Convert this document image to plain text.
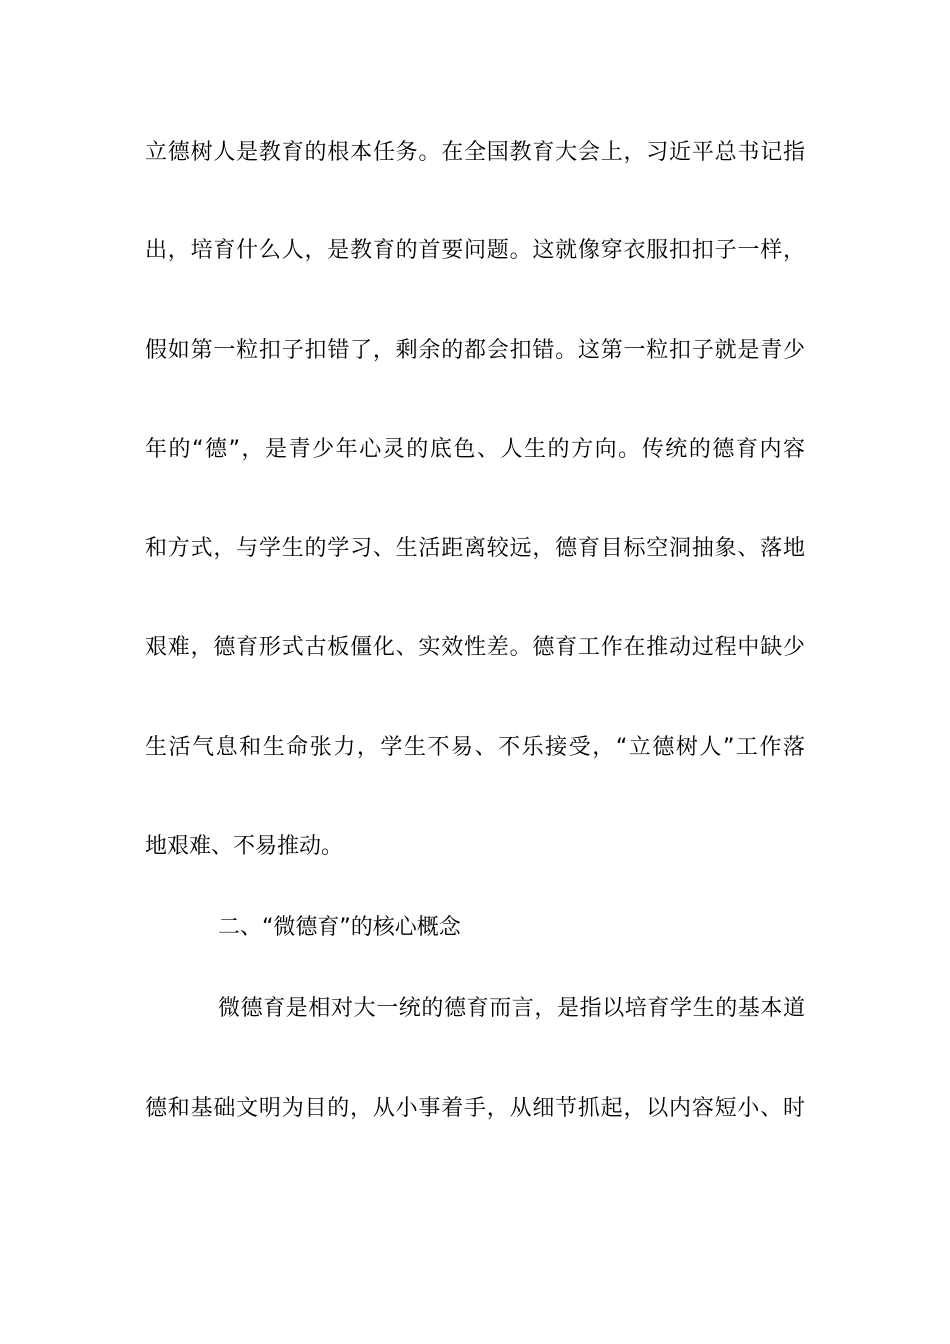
立德树人是教育的根本任务。在全国教育大会上，习近平总书记指
出，培育什么人，是教育的首要问题。这就像穿衣服扣扣子一样，
假如第一粒扣子扣错了，剩余的都会扣错。这第一粒扣子就是青少
年的“德”，是青少年心灵的底色、人生的方向。传统的德育内容
和方式，与学生的学习、生活距离较远，德育目标空洞抽象、落地
艰难，德育形式古板僵化、实效性差。德育工作在推动过程中缺少
生活气息和生命张力，学生不易、不乐接受，“立德树人”工作落
地艰难、不易推动。
二、“微德育”的核心概念
微德育是相对大一统的德育而言，是指以培育学生的基本道
德和基础文明为目的，从小事着手，从细节抓起，以内容短小、时
